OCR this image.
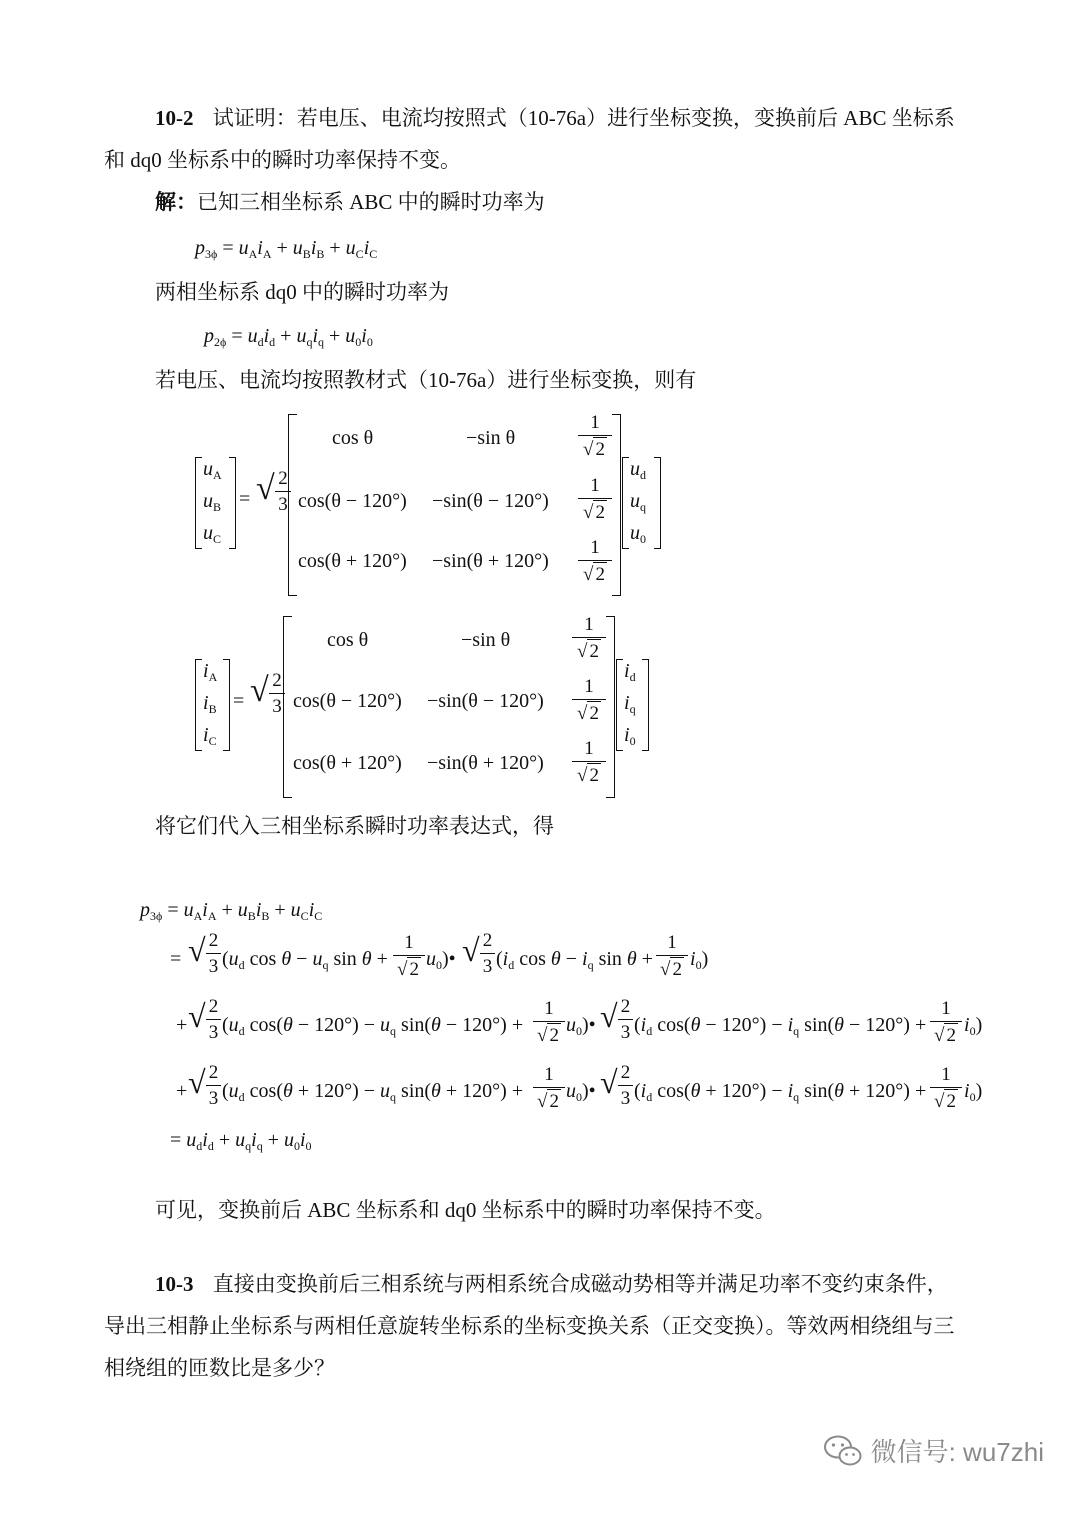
10-2 试证明：若电压、电流均按照式（10-76a）进行坐标变换，变换前后 ABC 坐标系
和 dq0 坐标系中的瞬时功率保持不变。
解：已知三相坐标系 ABC 中的瞬时功率为
$p_{3\phi} = u_Ai_A + u_Bi_B + u_Ci_C$
两相坐标系 dq0 中的瞬时功率为
$p_{2\phi} = u_di_d + u_qi_q + u_0i_0$
若电压、电流均按照教材式（10-76a）进行坐标变换，则有
$u_A$
$u_B$
$u_C$
= √ 2
3
cos θ	−sin θ
1
√ 2
cos(θ − 120°) −sin(θ − 120°)
1
√ 2
cos(θ + 120°) −sin(θ + 120°)
1
√ 2
$u_d$
$u_q$
$u_0$
$i_A$
$i_B$
$i_C$
= √ 2
3
cos θ	−sin θ
1
√ 2
cos(θ − 120°) −sin(θ − 120°)
1
√ 2
cos(θ + 120°) −sin(θ + 120°)
1
√ 2
$i_d$
$i_q$
$i_0$
将它们代入三相坐标系瞬时功率表达式，得
$p_{3\phi} = u_Ai_A + u_Bi_B + u_Ci_C$
= √ 2
3 ($u_d$ $\cos \theta - u_q$ sin θ +
1
√ 2 $u_0)•$ √ 2
3 ($i_d$ $\cos \theta - i_q$ sin θ +
1
√ 2 $i_0$)
+ √ 2
3 ($u_d$ $\cos(\theta - 120^\circ) - u_q$ sin(θ − 120°) +
1
√ 2 $u_0)•$ √ 2
3 ($i_d$ $\cos(\theta - 120^\circ) - i_q$ sin(θ − 120°) +
1
√ 2 $i_0$)
+ √ 2
3 ($u_d$ $\cos(\theta + 120^\circ) - u_q$ sin(θ + 120°) +
1
√ 2 $u_0)•$ √ 2
3 ($i_d$ $\cos(\theta + 120^\circ) - i_q$ sin(θ + 120°) +
1
√ 2 $i_0$)
= $u_di_d + u_qi_q + u_0i_0$
可见，变换前后 ABC 坐标系和 dq0 坐标系中的瞬时功率保持不变。
10-3 直接由变换前后三相系统与两相系统合成磁动势相等并满足功率不变约束条件，
导出三相静止坐标系与两相任意旋转坐标系的坐标变换关系（正交变换）。等效两相绕组与三
相绕组的匝数比是多少？
微信号: wu7zhi
